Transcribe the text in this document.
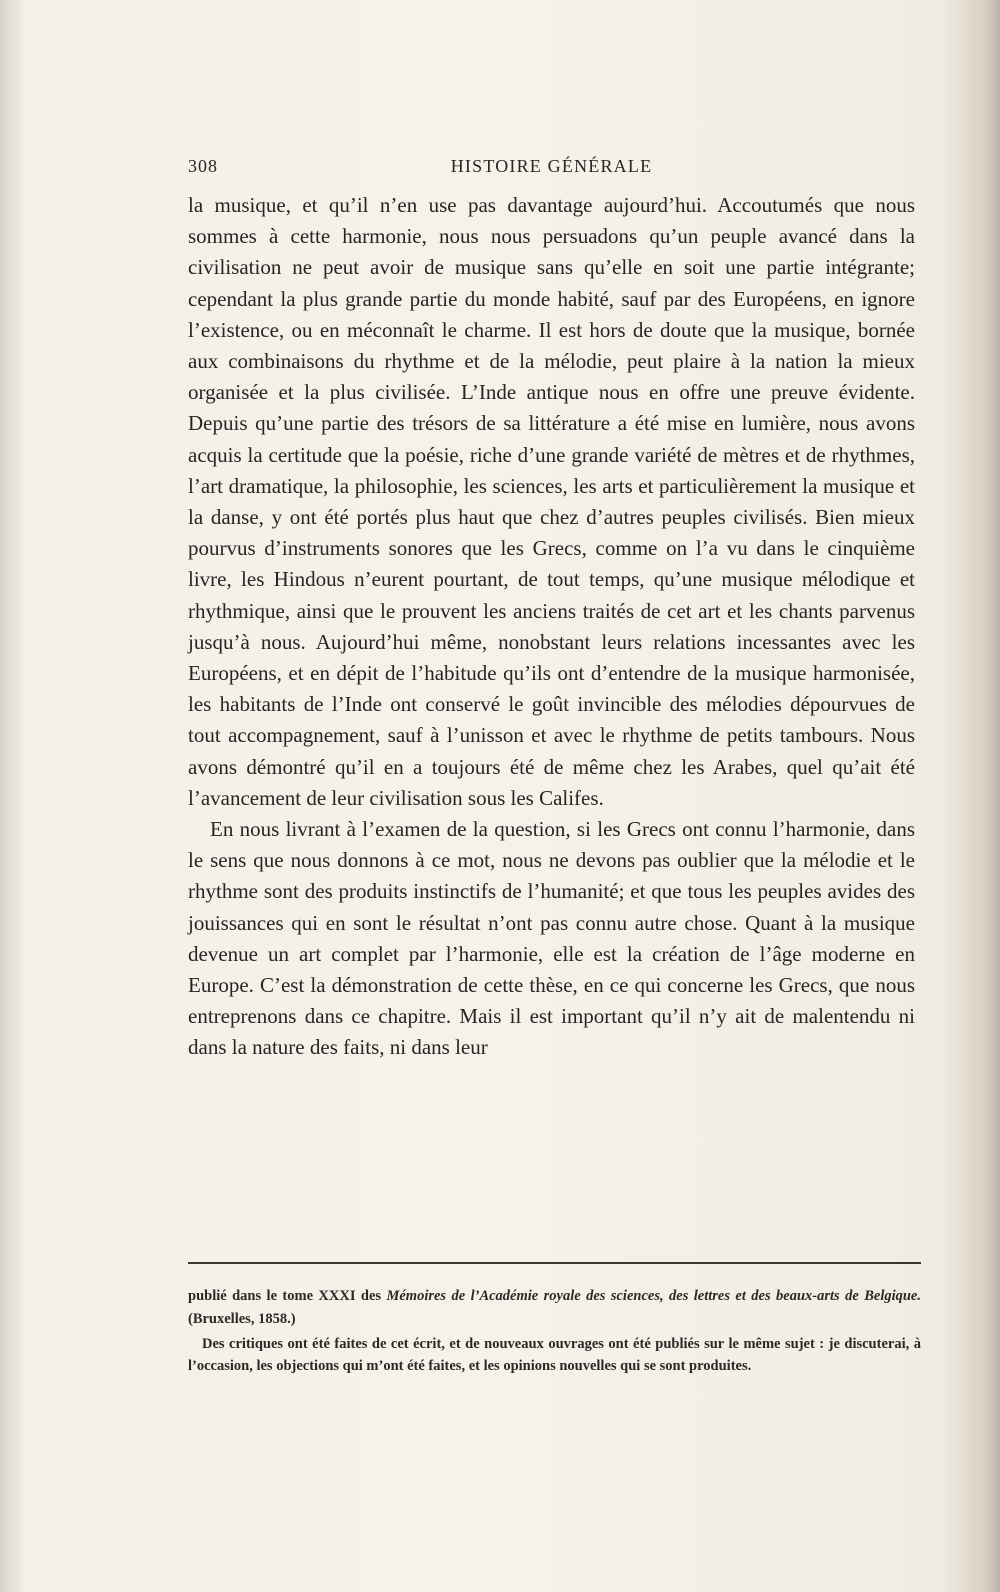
308	HISTOIRE GÉNÉRALE

la musique, et qu’il n’en use pas davantage aujourd’hui. Accoutumés que nous sommes à cette harmonie, nous nous persuadons qu’un peuple avancé dans la civilisation ne peut avoir de musique sans qu’elle en soit une partie intégrante; cependant la plus grande partie du monde habité, sauf par des Européens, en ignore l’existence, ou en méconnaît le charme. Il est hors de doute que la musique, bornée aux combinaisons du rhythme et de la mélodie, peut plaire à la nation la mieux organisée et la plus civilisée. L’Inde antique nous en offre une preuve évidente. Depuis qu’une partie des trésors de sa littérature a été mise en lumière, nous avons acquis la certitude que la poésie, riche d’une grande variété de mètres et de rhythmes, l’art dramatique, la philosophie, les sciences, les arts et particulièrement la musique et la danse, y ont été portés plus haut que chez d’autres peuples civilisés. Bien mieux pourvus d’instruments sonores que les Grecs, comme on l’a vu dans le cinquième livre, les Hindous n’eurent pourtant, de tout temps, qu’une musique mélodique et rhythmique, ainsi que le prouvent les anciens traités de cet art et les chants parvenus jusqu’à nous. Aujourd’hui même, nonobstant leurs relations incessantes avec les Européens, et en dépit de l’habitude qu’ils ont d’entendre de la musique harmonisée, les habitants de l’Inde ont conservé le goût invincible des mélodies dépourvues de tout accompagnement, sauf à l’unisson et avec le rhythme de petits tambours. Nous avons démontré qu’il en a toujours été de même chez les Arabes, quel qu’ait été l’avancement de leur civilisation sous les Califes.

En nous livrant à l’examen de la question, si les Grecs ont connu l’harmonie, dans le sens que nous donnons à ce mot, nous ne devons pas oublier que la mélodie et le rhythme sont des produits instinctifs de l’humanité; et que tous les peuples avides des jouissances qui en sont le résultat n’ont pas connu autre chose. Quant à la musique devenue un art complet par l’harmonie, elle est la création de l’âge moderne en Europe. C’est la démonstration de cette thèse, en ce qui concerne les Grecs, que nous entreprenons dans ce chapitre. Mais il est important qu’il n’y ait de malentendu ni dans la nature des faits, ni dans leur

publié dans le tome XXXI des Mémoires de l’Académie royale des sciences, des lettres et des beaux-arts de Belgique. (Bruxelles, 1858.)

Des critiques ont été faites de cet écrit, et de nouveaux ouvrages ont été publiés sur le même sujet : je discuterai, à l’occasion, les objections qui m’ont été faites, et les opinions nouvelles qui se sont produites.
